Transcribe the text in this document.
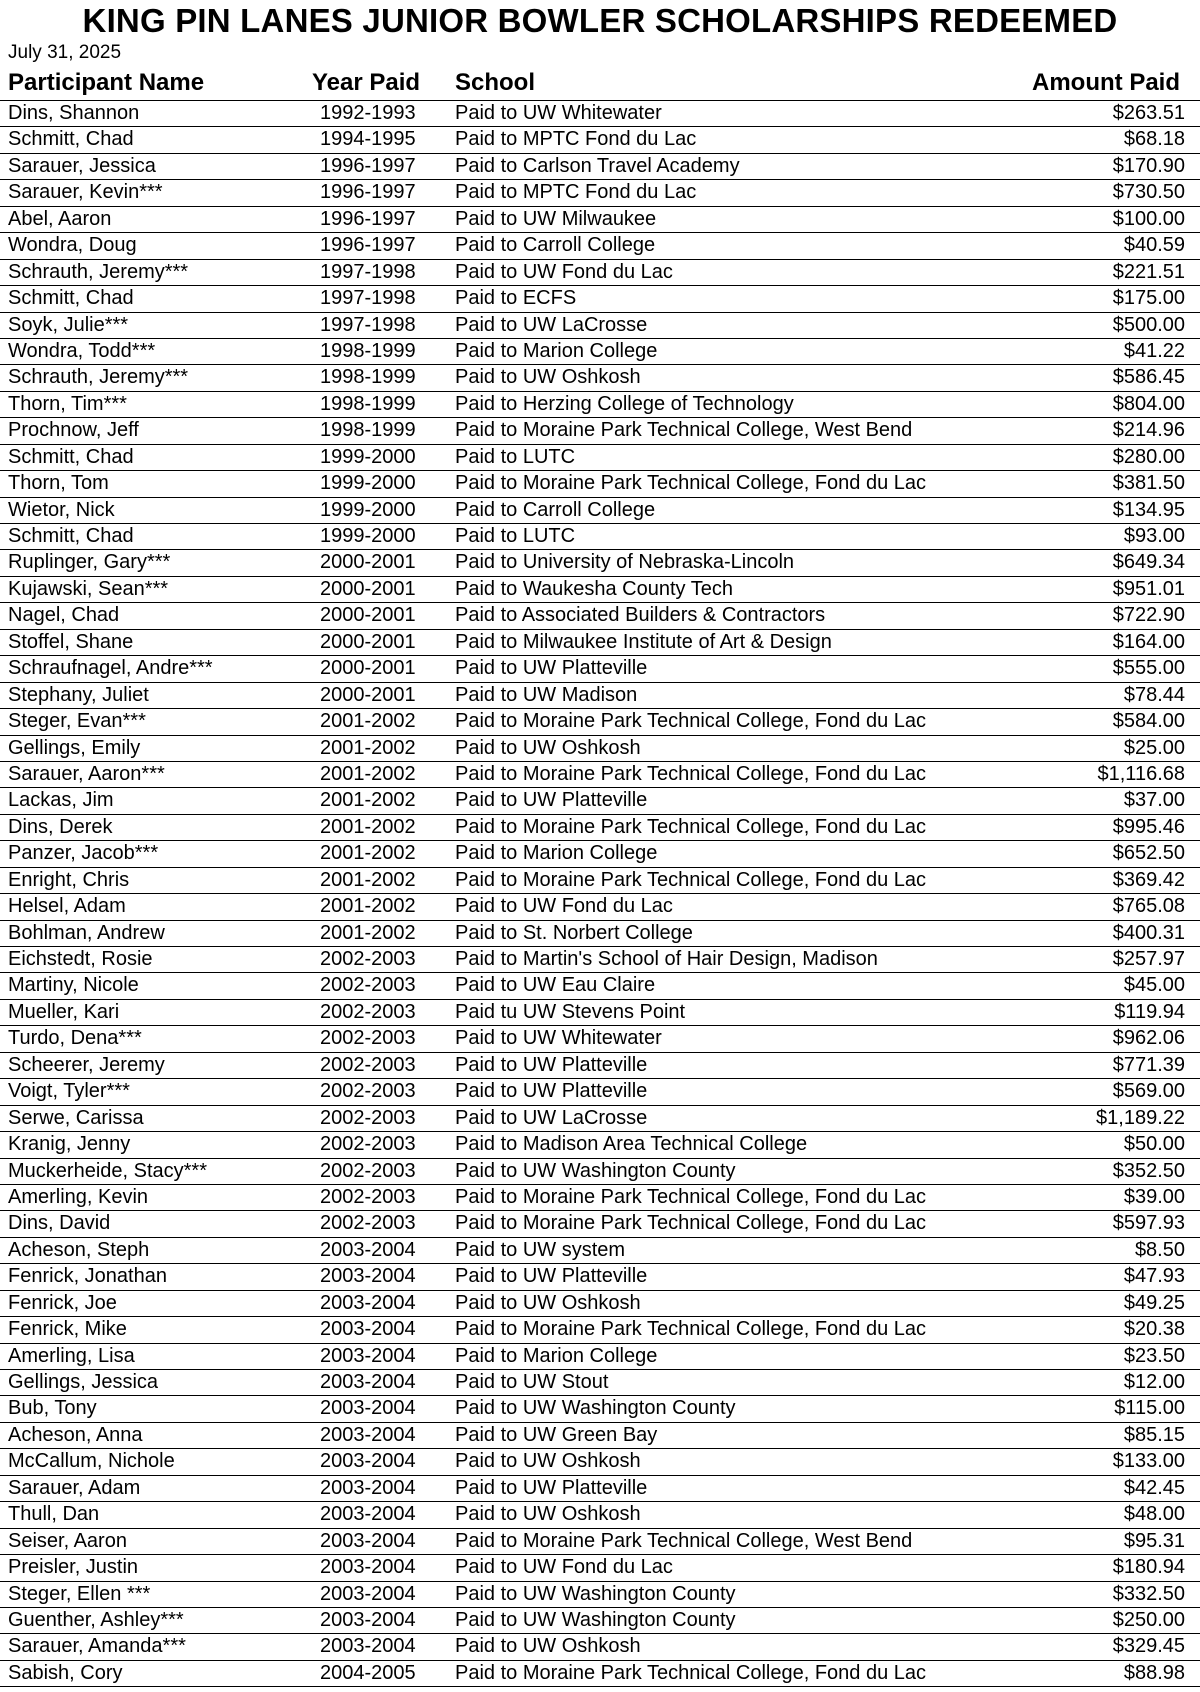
KING PIN LANES JUNIOR BOWLER SCHOLARSHIPS REDEEMED
July 31, 2025
Participant Name	Year Paid School	Amount Paid
Dins, Shannon	1992-1993 Paid to UW Whitewater	$263.51
Schmitt, Chad	1994-1995 Paid to MPTC Fond du Lac	$68.18
Sarauer, Jessica	1996-1997 Paid to Carlson Travel Academy	$170.90
Sarauer, Kevin***	1996-1997 Paid to MPTC Fond du Lac	$730.50
Abel, Aaron	1996-1997 Paid to UW Milwaukee	$100.00
Wondra, Doug	1996-1997 Paid to Carroll College	$40.59
Schrauth, Jeremy***	1997-1998 Paid to UW Fond du Lac	$221.51
Schmitt, Chad	1997-1998 Paid to ECFS	$175.00
Soyk, Julie***	1997-1998 Paid to UW LaCrosse	$500.00
Wondra, Todd***	1998-1999 Paid to Marion College	$41.22
Schrauth, Jeremy***	1998-1999 Paid to UW Oshkosh	$586.45
Thorn, Tim***	1998-1999 Paid to Herzing College of Technology	$804.00
Prochnow, Jeff	1998-1999 Paid to Moraine Park Technical College, West Bend	$214.96
Schmitt, Chad	1999-2000 Paid to LUTC	$280.00
Thorn, Tom	1999-2000 Paid to Moraine Park Technical College, Fond du Lac	$381.50
Wietor, Nick	1999-2000 Paid to Carroll College	$134.95
Schmitt, Chad	1999-2000 Paid to LUTC	$93.00
Ruplinger, Gary***	2000-2001 Paid to University of Nebraska-Lincoln	$649.34
Kujawski, Sean***	2000-2001 Paid to Waukesha County Tech	$951.01
Nagel, Chad	2000-2001 Paid to Associated Builders & Contractors	$722.90
Stoffel, Shane	2000-2001 Paid to Milwaukee Institute of Art & Design	$164.00
Schraufnagel, Andre***	2000-2001 Paid to UW Platteville	$555.00
Stephany, Juliet	2000-2001 Paid to UW Madison	$78.44
Steger, Evan***	2001-2002 Paid to Moraine Park Technical College, Fond du Lac	$584.00
Gellings, Emily	2001-2002 Paid to UW Oshkosh	$25.00
Sarauer, Aaron***	2001-2002 Paid to Moraine Park Technical College, Fond du Lac	$1,116.68
Lackas, Jim	2001-2002 Paid to UW Platteville	$37.00
Dins, Derek	2001-2002 Paid to Moraine Park Technical College, Fond du Lac	$995.46
Panzer, Jacob***	2001-2002 Paid to Marion College	$652.50
Enright, Chris	2001-2002 Paid to Moraine Park Technical College, Fond du Lac	$369.42
Helsel, Adam	2001-2002 Paid to UW Fond du Lac	$765.08
Bohlman, Andrew	2001-2002 Paid to St. Norbert College	$400.31
Eichstedt, Rosie	2002-2003 Paid to Martin's School of Hair Design, Madison	$257.97
Martiny, Nicole	2002-2003 Paid to UW Eau Claire	$45.00
Mueller, Kari	2002-2003 Paid tu UW Stevens Point	$119.94
Turdo, Dena***	2002-2003 Paid to UW Whitewater	$962.06
Scheerer, Jeremy	2002-2003 Paid to UW Platteville	$771.39
Voigt, Tyler***	2002-2003 Paid to UW Platteville	$569.00
Serwe, Carissa	2002-2003 Paid to UW LaCrosse	$1,189.22
Kranig, Jenny	2002-2003 Paid to Madison Area Technical College	$50.00
Muckerheide, Stacy***	2002-2003 Paid to UW Washington County	$352.50
Amerling, Kevin	2002-2003 Paid to Moraine Park Technical College, Fond du Lac	$39.00
Dins, David	2002-2003 Paid to Moraine Park Technical College, Fond du Lac	$597.93
Acheson, Steph	2003-2004 Paid to UW system	$8.50
Fenrick, Jonathan	2003-2004 Paid to UW Platteville	$47.93
Fenrick, Joe	2003-2004 Paid to UW Oshkosh	$49.25
Fenrick, Mike	2003-2004 Paid to Moraine Park Technical College, Fond du Lac	$20.38
Amerling, Lisa	2003-2004 Paid to Marion College	$23.50
Gellings, Jessica	2003-2004 Paid to UW Stout	$12.00
Bub, Tony	2003-2004 Paid to UW Washington County	$115.00
Acheson, Anna	2003-2004 Paid to UW Green Bay	$85.15
McCallum, Nichole	2003-2004 Paid to UW Oshkosh	$133.00
Sarauer, Adam	2003-2004 Paid to UW Platteville	$42.45
Thull, Dan	2003-2004 Paid to UW Oshkosh	$48.00
Seiser, Aaron	2003-2004 Paid to Moraine Park Technical College, West Bend	$95.31
Preisler, Justin	2003-2004 Paid to UW Fond du Lac	$180.94
Steger, Ellen ***	2003-2004 Paid to UW Washington County	$332.50
Guenther, Ashley***	2003-2004 Paid to UW Washington County	$250.00
Sarauer, Amanda***	2003-2004 Paid to UW Oshkosh	$329.45
Sabish, Cory	2004-2005 Paid to Moraine Park Technical College, Fond du Lac	$88.98
